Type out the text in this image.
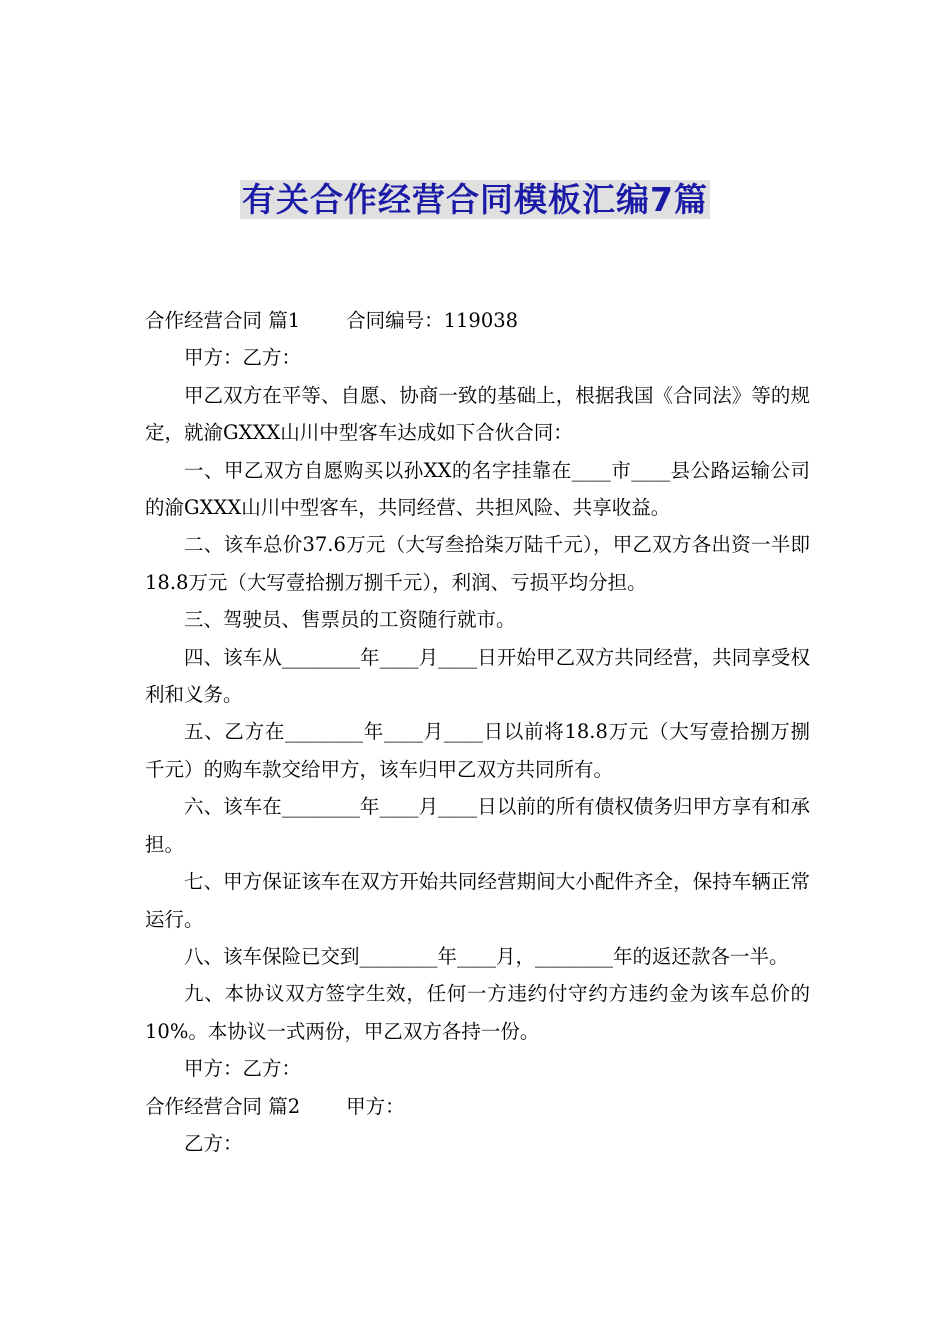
有关合作经营合同模板汇编7篇

合作经营合同 篇1 合同编号：119038

甲方：乙方：

甲乙双方在平等、自愿、协商一致的基础上，根据我国《合同法》等的规定，就渝GXXX山川中型客车达成如下合伙合同：

一、甲乙双方自愿购买以孙XX的名字挂靠在____市____县公路运输公司的渝GXXX山川中型客车，共同经营、共担风险、共享收益。

二、该车总价37.6万元（大写叁拾柒万陆千元），甲乙双方各出资一半即18.8万元（大写壹拾捌万捌千元），利润、亏损平均分担。

三、驾驶员、售票员的工资随行就市。

四、该车从________年____月____日开始甲乙双方共同经营，共同享受权利和义务。

五、乙方在________年____月____日以前将18.8万元（大写壹拾捌万捌千元）的购车款交给甲方，该车归甲乙双方共同所有。

六、该车在________年____月____日以前的所有债权债务归甲方享有和承担。

七、甲方保证该车在双方开始共同经营期间大小配件齐全，保持车辆正常运行。

八、该车保险已交到________年____月，________年的返还款各一半。

九、本协议双方签字生效，任何一方违约付守约方违约金为该车总价的10%。本协议一式两份，甲乙双方各持一份。

甲方：乙方：

合作经营合同 篇2 甲方：

乙方：
